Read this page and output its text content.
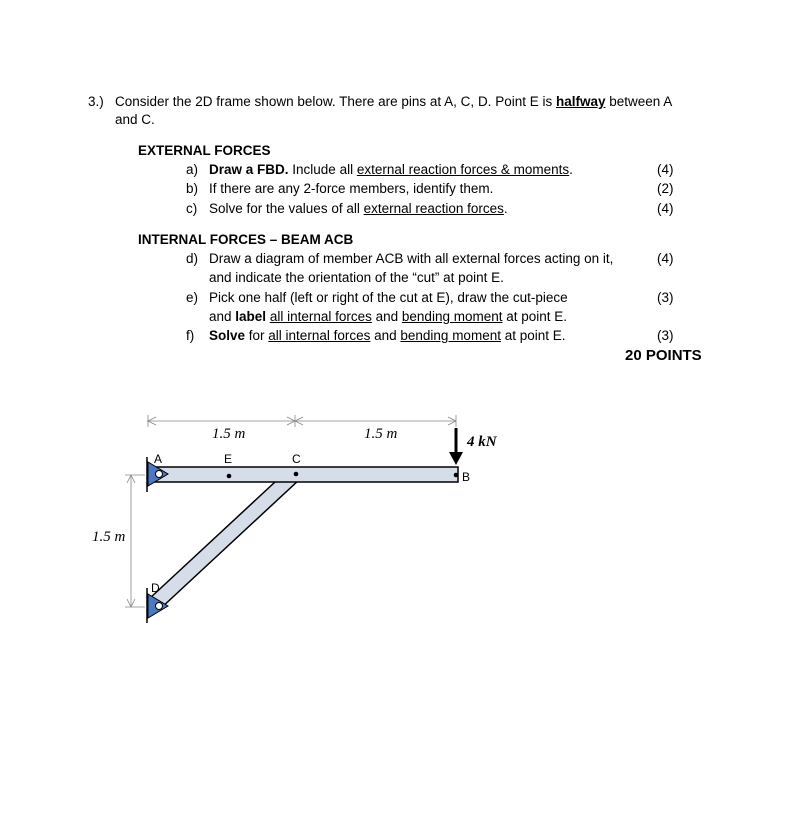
3.) Consider the 2D frame shown below. There are pins at A, C, D. Point E is halfway between A
and C.
EXTERNAL FORCES
a) Draw a FBD. Include all external reaction forces & moments.	(4)
b) If there are any 2-force members, identify them.	(2)
c) Solve for the values of all external reaction forces.	(4)
INTERNAL FORCES – BEAM ACB
d) Draw a diagram of member ACB with all external forces acting on it,	(4)
and indicate the orientation of the “cut” at point E.
e) Pick one half (left or right of the cut at E), draw the cut-piece	(3)
and label all internal forces and bending moment at point E.
f) Solve for all internal forces and bending moment at point E.	(3)
20 POINTS
1.5 m	1.5 m
1.5 m
4 kN
A	E	C
B
D
